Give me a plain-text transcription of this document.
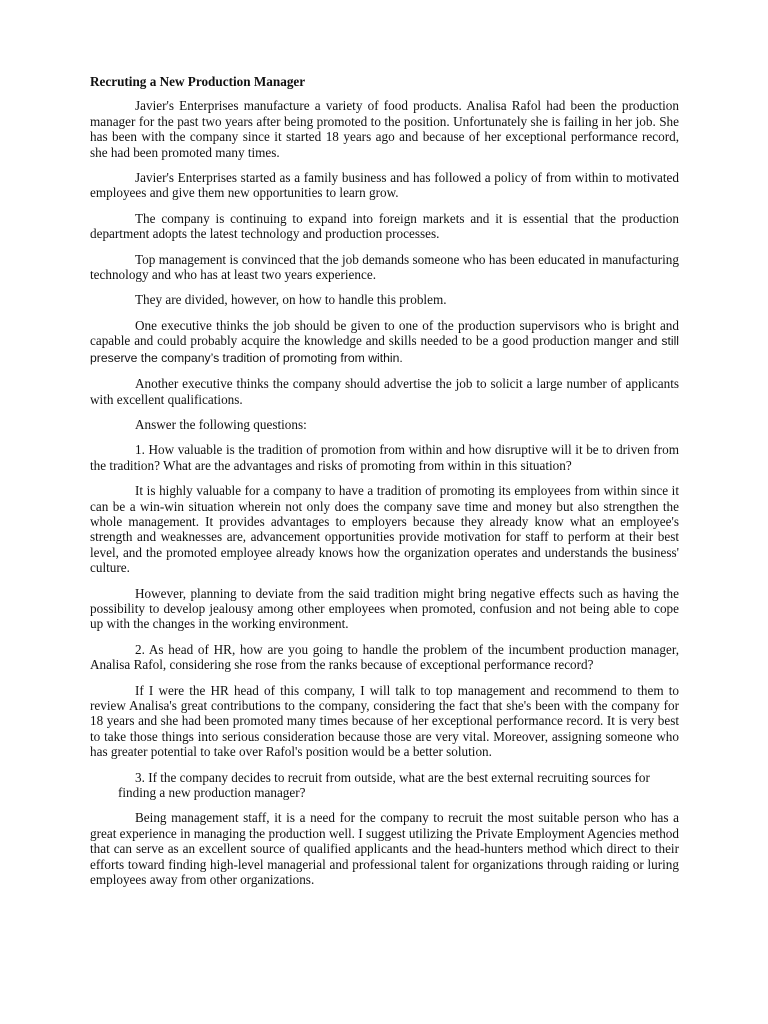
Recruting a New Production Manager

Javier's Enterprises manufacture a variety of food products. Analisa Rafol had been the production manager for the past two years after being promoted to the position. Unfortunately she is failing in her job. She has been with the company since it started 18 years ago and because of her exceptional performance record, she had been promoted many times.

Javier's Enterprises started as a family business and has followed a policy of from within to motivated employees and give them new opportunities to learn grow.

The company is continuing to expand into foreign markets and it is essential that the production department adopts the latest technology and production processes.

Top management is convinced that the job demands someone who has been educated in manufacturing technology and who has at least two years experience.

They are divided, however, on how to handle this problem.

One executive thinks the job should be given to one of the production supervisors who is bright and capable and could probably acquire the knowledge and skills needed to be a good production manger and still preserve the company’s tradition of promoting from within.

Another executive thinks the company should advertise the job to solicit a large number of applicants with excellent qualifications.

Answer the following questions:

1. How valuable is the tradition of promotion from within and how disruptive will it be to driven from the tradition? What are the advantages and risks of promoting from within in this situation?

It is highly valuable for a company to have a tradition of promoting its employees from within since it can be a win-win situation wherein not only does the company save time and money but also strengthen the whole management. It provides advantages to employers because they already know what an employee's strength and weaknesses are, advancement opportunities provide motivation for staff to perform at their best level, and the promoted employee already knows how the organization operates and understands the business' culture.

However, planning to deviate from the said tradition might bring negative effects such as having the possibility to develop jealousy among other employees when promoted, confusion and not being able to cope up with the changes in the working environment.

2. As head of HR, how are you going to handle the problem of the incumbent production manager, Analisa Rafol, considering she rose from the ranks because of exceptional performance record?

If I were the HR head of this company, I will talk to top management and recommend to them to review Analisa's great contributions to the company, considering the fact that she's been with the company for 18 years and she had been promoted many times because of her exceptional performance record. It is very best to take those things into serious consideration because those are very vital. Moreover, assigning someone who has greater potential to take over Rafol's position would be a better solution.

3. If the company decides to recruit from outside, what are the best external recruiting sources for finding a new production manager?

Being management staff, it is a need for the company to recruit the most suitable person who has a great experience in managing the production well. I suggest utilizing the Private Employment Agencies method that can serve as an excellent source of qualified applicants and the head-hunters method which direct to their efforts toward finding high-level managerial and professional talent for organizations through raiding or luring employees away from other organizations.
